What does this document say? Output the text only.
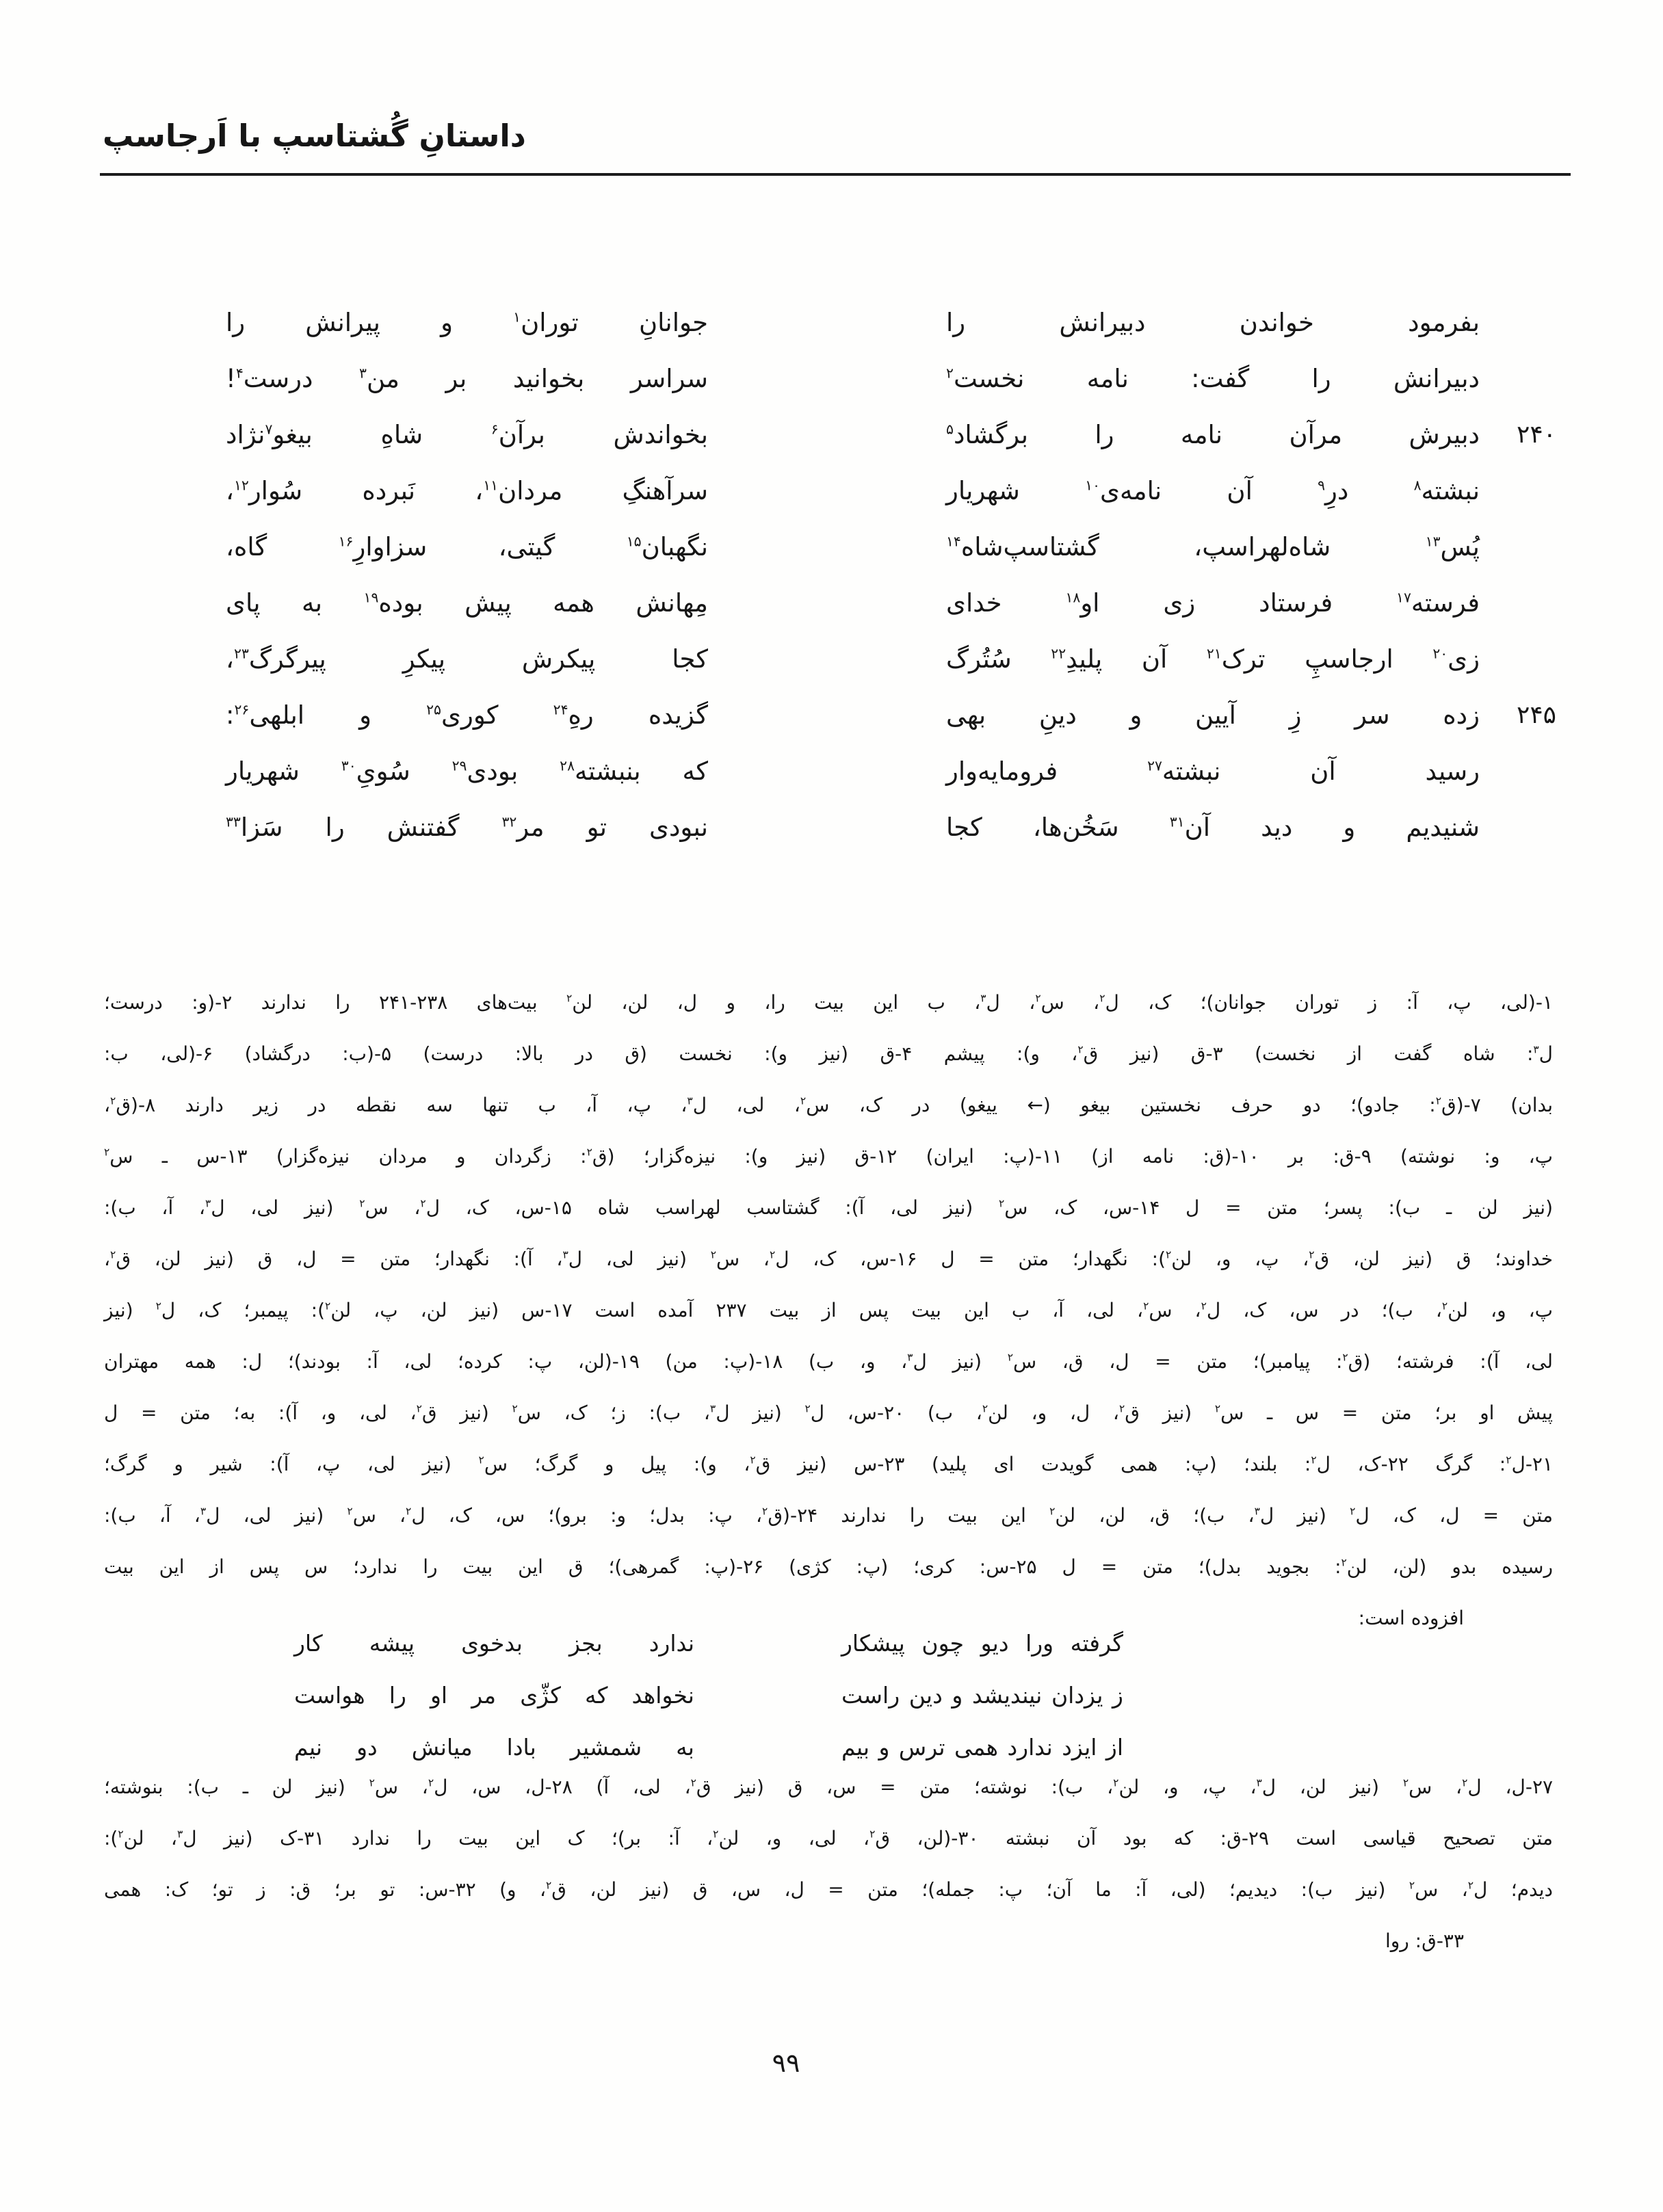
داستانِ گُشتاسپ با اَرجاسپ
بفرمود خواندن دبیرانش را
جوانانِ توران$^۱$ و پیرانش را
دبیرانش را گفت: نامه نخست$^۲$
سراسر بخوانید بر من$^۳$ درست$^۴$!
۲۴۰
دبیرش مرآن نامه را برگشاد$^۵$
بخواندش برآن$^۶$ شاهِ بیغو$^۷$نژاد
نبشته$^۸$ درِ$^۹$ آن نامه‌ی$^{۱۰}$ شهریار
سرآهنگِ مردان$^{۱۱}$، نَبرده سُوار$^{۱۲}$،
پُس$^{۱۳}$ شاه‌لهراسپ، گشتاسپ‌شاه$^{۱۴}$
نگهبان$^{۱۵}$ گیتی، سزاوارِ$^{۱۶}$ گاه،
فرسته$^{۱۷}$ فرستاد زی او$^{۱۸}$ خدای
مِهانش همه پیش بوده$^{۱۹}$ به پای
زی$^{۲۰}$ ارجاسپِ ترک$^{۲۱}$ آن پلیدِ$^{۲۲}$ سُتُرگ
کجا پیکرش پیکرِ پیرگرگ$^{۲۳}$،
۲۴۵
زده سر زِ آیین و دینِ بهی
گزیده رهِ$^{۲۴}$ کوری$^{۲۵}$ و ابلهی$^{۲۶}$:
رسید آن نبشته$^{۲۷}$ فرومایه‌وار
که بنبشته$^{۲۸}$ بودی$^{۲۹}$ سُویِ$^{۳۰}$ شهریار
شنیدیم و دید آن$^{۳۱}$ سَخُن‌ها، کجا
نبودی تو مر$^{۳۲}$ گفتنش را سَزا$^{۳۳}$
۱-(لی، پ، آ: ز توران جوانان)؛ ک، ل$^۲$، س$^۲$، ل$^۳$، ب این بیت را، و ل، لن، لن$^۲$ بیت‌های ۲۳۸-۲۴۱ را ندارند ۲-(و: درست؛
ل$^۳$: شاه گفت از نخست) ۳-ق (نیز ق$^۲$، و): پیشم ۴-ق (نیز و): نخست (ق در بالا: درست) ۵-(ب: درگشاد) ۶-(لی، ب:
بدان) ۷-(ق$^۲$: جادو)؛ دو حرف نخستین بیغو (← ییغو) در ک، س$^۲$، لی، ل$^۳$، پ، آ، ب تنها سه نقطه در زیر دارند ۸-(ق$^۲$،
پ، و: نوشته) ۹-ق: بر ۱۰-(ق: نامه از) ۱۱-(پ: ایران) ۱۲-ق (نیز و): نیزه‌گزار؛ (ق$^۲$: زگردان و مردان نیزه‌گزار) ۱۳-س ـ س$^۲$
(نیز لن ـ ب): پسر؛ متن = ل ۱۴-س، ک، س$^۲$ (نیز لی، آ): گشتاسب لهراسب شاه ۱۵-س، ک، ل$^۲$، س$^۲$ (نیز لی، ل$^۳$، آ، ب):
خداوند؛ ق (نیز لن، ق$^۲$، پ، و، لن$^۲$): نگهدار؛ متن = ل ۱۶-س، ک، ل$^۲$، س$^۲$ (نیز لی، ل$^۳$، آ): نگهدار؛ متن = ل، ق (نیز لن، ق$^۲$،
پ، و، لن$^۲$، ب)؛ در س، ک، ل$^۲$، س$^۲$، لی، آ، ب این بیت پس از بیت ۲۳۷ آمده است ۱۷-س (نیز لن، پ، لن$^۲$): پیمبر؛ ک، ل$^۲$ (نیز
لی، آ): فرشته؛ (ق$^۲$: پیامبر)؛ متن = ل، ق، س$^۲$ (نیز ل$^۳$، و، ب) ۱۸-(پ: من) ۱۹-(لن، پ: کرده؛ لی، آ: بودند)؛ ل: همه مهتران
پیش او بر؛ متن = س ـ س$^۲$ (نیز ق$^۲$، ل، و، لن$^۲$، ب) ۲۰-س، ل$^۲$ (نیز ل$^۳$، ب): ز؛ ک، س$^۲$ (نیز ق$^۲$، لی، و، آ): به؛ متن = ل
۲۱-ل$^۲$: گرگ ۲۲-ک، ل$^۲$: بلند؛ (پ: همی گویدت ای پلید) ۲۳-س (نیز ق$^۲$، و): پیل و گرگ؛ س$^۲$ (نیز لی، پ، آ): شیر و گرگ؛
متن = ل، ک، ل$^۲$ (نیز ل$^۳$، ب)؛ ق، لن، لن$^۲$ این بیت را ندارند ۲۴-(ق$^۲$، پ: بدل؛ و: برو)؛ س، ک، ل$^۲$، س$^۲$ (نیز لی، ل$^۳$، آ، ب):
رسیده بدو (لن، لن$^۲$: بجوید بدل)؛ متن = ل ۲۵-س: کری؛ (پ: کژی) ۲۶-(پ: گمرهی)؛ ق این بیت را ندارد؛ س پس از این بیت
افزوده است:
گرفته ورا دیو چون پیشکار
ندارد بجز بدخوی پیشه کار
ز یزدان نیندیشد و دین راست
نخواهد که کژّی مر او را هواست
از ایزد ندارد همی ترس و بیم
به شمشیر بادا میانش دو نیم
۲۷-ل، ل$^۲$، س$^۲$ (نیز لن، ل$^۳$، پ، و، لن$^۲$، ب): نوشته؛ متن = س، ق (نیز ق$^۲$، لی، آ) ۲۸-ل، س، ل$^۲$، س$^۲$ (نیز لن ـ ب): بنوشته؛
متن تصحیح قیاسی است ۲۹-ق: که بود آن نبشته ۳۰-(لن، ق$^۲$، لی، و، لن$^۲$، آ: بر)؛ ک این بیت را ندارد ۳۱-ک (نیز ل$^۳$، لن$^۲$):
دیدم؛ ل$^۲$، س$^۲$ (نیز ب): دیدیم؛ (لی، آ: ما آن؛ پ: جمله)؛ متن = ل، س، ق (نیز لن، ق$^۲$، و) ۳۲-س: تو بر؛ ق: ز تو؛ ک: همی
۳۳-ق: روا
۹۹
